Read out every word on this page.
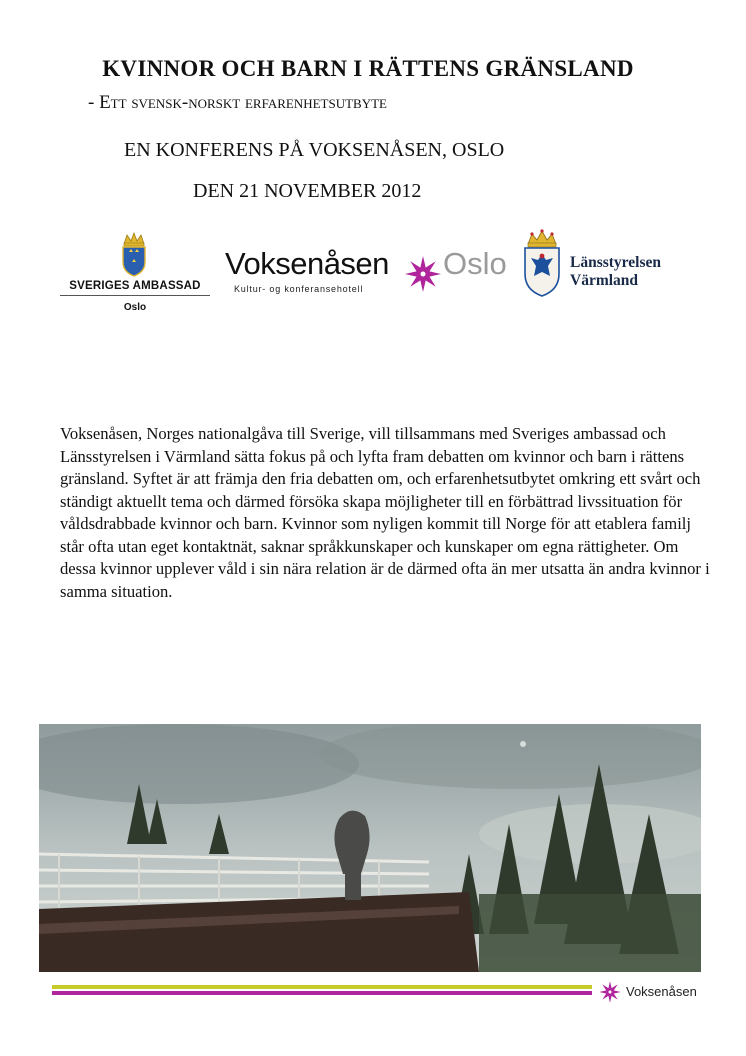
KVINNOR OCH BARN I RÄTTENS GRÄNSLAND
- Ett svensk-norskt erfarenhetsutbyte
EN KONFERENS PÅ VOKSENÅSEN, OSLO
DEN 21 NOVEMBER 2012
SVERIGES AMBASSAD
Oslo
Voksenåsen Oslo
Kultur- og konferansehotell
Länsstyrelsen
Värmland
Voksenåsen, Norges nationalgåva till Sverige, vill tillsammans med Sveriges ambassad och Länsstyrelsen i Värmland sätta fokus på och lyfta fram debatten om kvinnor och barn i rättens gränsland. Syftet är att främja den fria debatten om, och erfarenhetsutbytet omkring ett svårt och ständigt aktuellt tema och därmed försöka skapa möjligheter till en förbättrad livssituation för våldsdrabbade kvinnor och barn. Kvinnor som nyligen kommit till Norge för att etablera familj står ofta utan eget kontaktnät, saknar språkkunskaper och kunskaper om egna rättigheter. Om dessa kvinnor upplever våld i sin nära relation är de därmed ofta än mer utsatta än andra kvinnor i samma situation.
Voksenåsen
